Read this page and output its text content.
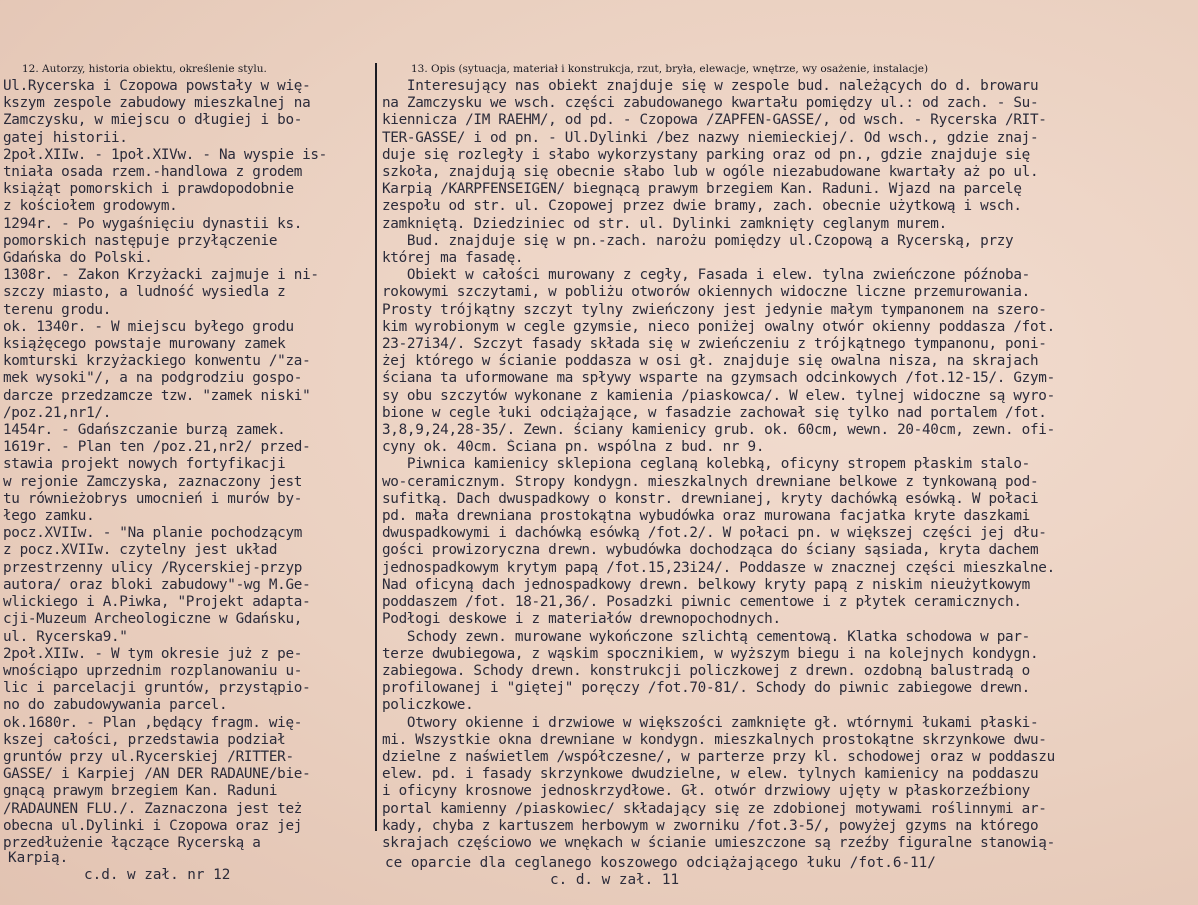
12. Autorzy, historia obiektu, określenie stylu.	13. Opis (sytuacja, materiał i konstrukcja, rzut, bryła, elewacje, wnętrze, wy osażenie, instalacje)
Ul.Rycerska i Czopowa powstały w wię-
kszym zespole zabudowy mieszkalnej na
Zamczysku, w miejscu o długiej i bo-
gatej historii.
2poł.XIIw. - 1poł.XIVw. - Na wyspie is-
tniała osada rzem.-handlowa z grodem
książąt pomorskich i prawdopodobnie
z kościołem grodowym.
1294r. - Po wygaśnięciu dynastii ks.
pomorskich następuje przyłączenie
Gdańska do Polski.
1308r. - Zakon Krzyżacki zajmuje i ni-
szczy miasto, a ludność wysiedla z
terenu grodu.
ok. 1340r. - W miejscu byłego grodu
książęcego powstaje murowany zamek
komturski krzyżackiego konwentu /"za-
mek wysoki"/, a na podgrodziu gospo-
darcze przedzamcze tzw. "zamek niski"
/poz.21,nr1/.
1454r. - Gdańszczanie burzą zamek.
1619r. - Plan ten /poz.21,nr2/ przed-
stawia projekt nowych fortyfikacji
w rejonie Zamczyska, zaznaczony jest
tu równieżobrys umocnień i murów by-
łego zamku.
pocz.XVIIw. - "Na planie pochodzącym
z pocz.XVIIw. czytelny jest układ
przestrzenny ulicy /Rycerskiej-przyp
autora/ oraz bloki zabudowy"-wg M.Ge-
wlickiego i A.Piwka, "Projekt adapta-
cji-Muzeum Archeologiczne w Gdańsku,
ul. Rycerska9."
2poł.XIIw. - W tym okresie już z pe-
wnościąpo uprzednim rozplanowaniu u-
lic i parcelacji gruntów, przystąpio-
no do zabudowywania parcel.
ok.1680r. - Plan ,będący fragm. wię-
kszej całości, przedstawia podział
gruntów przy ul.Rycerskiej /RITTER-
GASSE/ i Karpiej /AN DER RADAUNE/bie-
gnącą prawym brzegiem Kan. Raduni
/RADAUNEN FLU./. Zaznaczona jest też
obecna ul.Dylinki i Czopowa oraz jej
przedłużenie łączące Rycerską a
Interesujący nas obiekt znajduje się w zespole bud. należących do d. browaru
na Zamczysku we wsch. części zabudowanego kwartału pomiędzy ul.: od zach. - Su-
kiennicza /IM RAEHM/, od pd. - Czopowa /ZAPFEN-GASSE/, od wsch. - Rycerska /RIT-
TER-GASSE/ i od pn. - Ul.Dylinki /bez nazwy niemieckiej/. Od wsch., gdzie znaj-
duje się rozległy i słabo wykorzystany parking oraz od pn., gdzie znajduje się
szkoła, znajdują się obecnie słabo lub w ogóle niezabudowane kwartały aż po ul.
Karpią /KARPFENSEIGEN/ biegnącą prawym brzegiem Kan. Raduni. Wjazd na parcelę
zespołu od str. ul. Czopowej przez dwie bramy, zach. obecnie użytkową i wsch.
zamkniętą. Dziedziniec od str. ul. Dylinki zamknięty ceglanym murem.
Bud. znajduje się w pn.-zach. narożu pomiędzy ul.Czopową a Rycerską, przy
której ma fasadę.
Obiekt w całości murowany z cegły, Fasada i elew. tylna zwieńczone późnoba-
rokowymi szczytami, w pobliżu otworów okiennych widoczne liczne przemurowania.
Prosty trójkątny szczyt tylny zwieńczony jest jedynie małym tympanonem na szero-
kim wyrobionym w cegle gzymsie, nieco poniżej owalny otwór okienny poddasza /fot.
23-27i34/. Szczyt fasady składa się w zwieńczeniu z trójkątnego tympanonu, poni-
żej którego w ścianie poddasza w osi gł. znajduje się owalna nisza, na skrajach
ściana ta uformowane ma spływy wsparte na gzymsach odcinkowych /fot.12-15/. Gzym-
sy obu szczytów wykonane z kamienia /piaskowca/. W elew. tylnej widoczne są wyro-
bione w cegle łuki odciążające, w fasadzie zachował się tylko nad portalem /fot.
3,8,9,24,28-35/. Zewn. ściany kamienicy grub. ok. 60cm, wewn. 20-40cm, zewn. ofi-
cyny ok. 40cm. Ściana pn. wspólna z bud. nr 9.
Piwnica kamienicy sklepiona ceglaną kolebką, oficyny stropem płaskim stalo-
wo-ceramicznym. Stropy kondygn. mieszkalnych drewniane belkowe z tynkowaną pod-
sufitką. Dach dwuspadkowy o konstr. drewnianej, kryty dachówką esówką. W połaci
pd. mała drewniana prostokątna wybudówka oraz murowana facjatka kryte daszkami
dwuspadkowymi i dachówką esówką /fot.2/. W połaci pn. w większej części jej dłu-
gości prowizoryczna drewn. wybudówka dochodząca do ściany sąsiada, kryta dachem
jednospadkowym krytym papą /fot.15,23i24/. Poddasze w znacznej części mieszkalne.
Nad oficyną dach jednospadkowy drewn. belkowy kryty papą z niskim nieużytkowym
poddaszem /fot. 18-21,36/. Posadzki piwnic cementowe i z płytek ceramicznych.
Podłogi deskowe i z materiałów drewnopochodnych.
Schody zewn. murowane wykończone szlichtą cementową. Klatka schodowa w par-
terze dwubiegowa, z wąskim spocznikiem, w wyższym biegu i na kolejnych kondygn.
zabiegowa. Schody drewn. konstrukcji policzkowej z drewn. ozdobną balustradą o
profilowanej i "giętej" poręczy /fot.70-81/. Schody do piwnic zabiegowe drewn.
policzkowe.
Otwory okienne i drzwiowe w większości zamknięte gł. wtórnymi łukami płaski-
mi. Wszystkie okna drewniane w kondygn. mieszkalnych prostokątne skrzynkowe dwu-
dzielne z naświetlem /współczesne/, w parterze przy kl. schodowej oraz w poddaszu
elew. pd. i fasady skrzynkowe dwudzielne, w elew. tylnych kamienicy na poddaszu
i oficyny krosnowe jednoskrzydłowe. Gł. otwór drzwiowy ujęty w płaskorzeźbiony
portal kamienny /piaskowiec/ składający się ze zdobionej motywami roślinnymi ar-
kady, chyba z kartuszem herbowym w zworniku /fot.3-5/, powyżej gzyms na którego
skrajach częściowo we wnękach w ścianie umieszczone są rzeźby figuralne stanowią-
Karpią.
c.d. w zał. nr 12
ce oparcie dla ceglanego koszowego odciążającego łuku /fot.6-11/
c. d. w zał. 11
